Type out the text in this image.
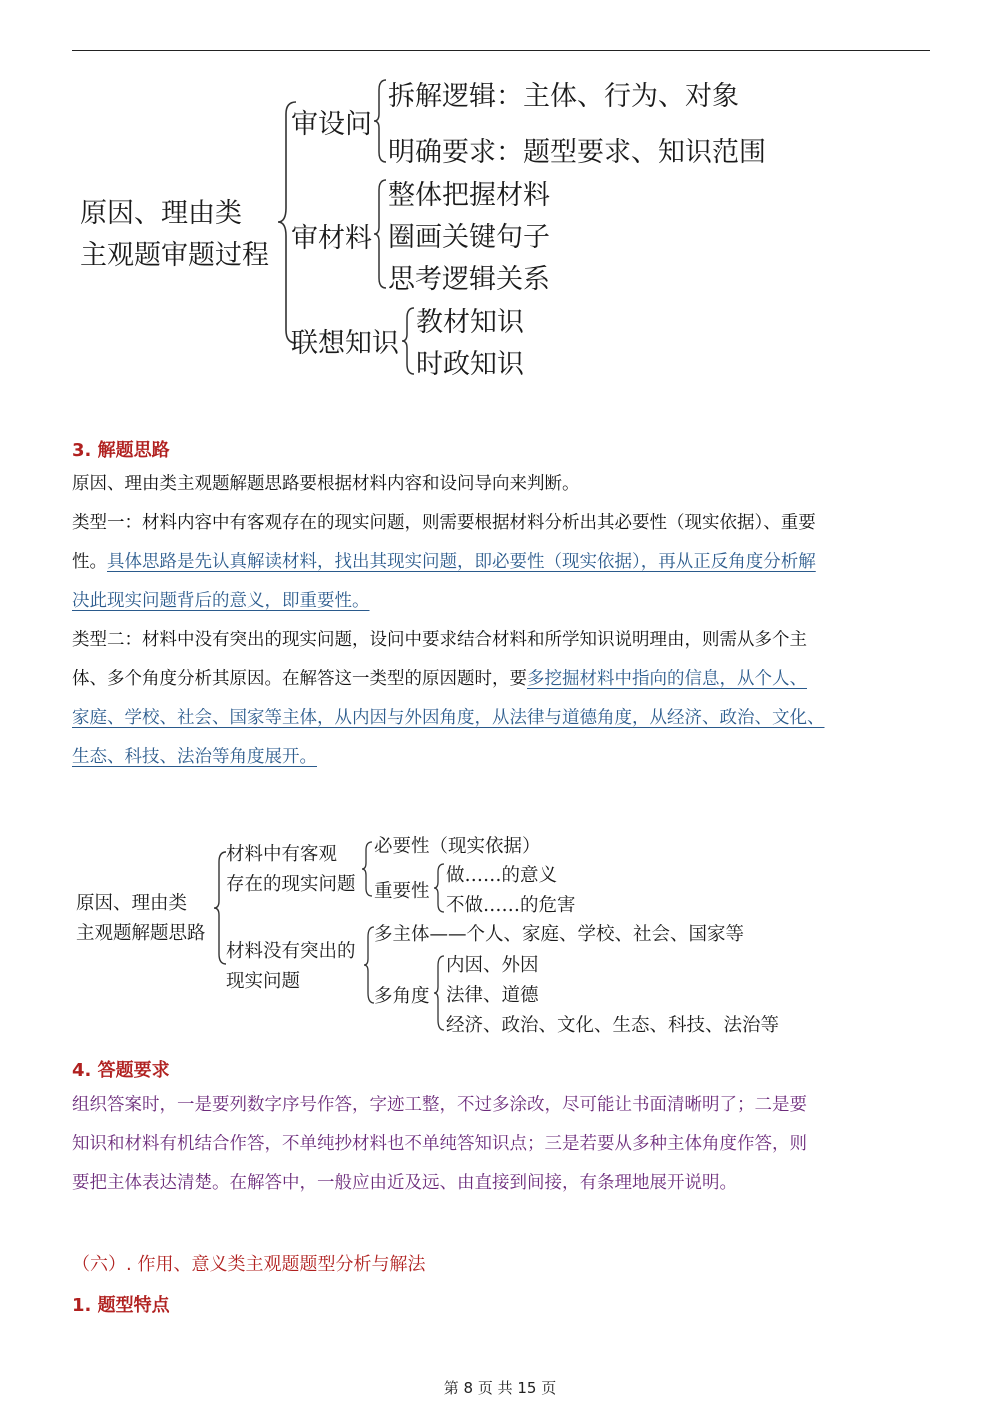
原因、理由类
主观题审题过程
审设问
拆解逻辑：主体、行为、对象
明确要求：题型要求、知识范围
审材料
整体把握材料
圈画关键句子
思考逻辑关系
联想知识
教材知识
时政知识
3. 解题思路
原因、理由类主观题解题思路要根据材料内容和设问导向来判断。
类型一：材料内容中有客观存在的现实问题，则需要根据材料分析出其必要性（现实依据）、重要
性。具体思路是先认真解读材料，找出其现实问题，即必要性（现实依据），再从正反角度分析解
决此现实问题背后的意义，即重要性。
类型二：材料中没有突出的现实问题，设问中要求结合材料和所学知识说明理由，则需从多个主
体、多个角度分析其原因。在解答这一类型的原因题时，要多挖掘材料中指向的信息，从个人、
家庭、学校、社会、国家等主体，从内因与外因角度，从法律与道德角度，从经济、政治、文化、
生态、科技、法治等角度展开。
原因、理由类
主观题解题思路
材料中有客观
存在的现实问题
必要性（现实依据）
重要性
做……的意义
不做……的危害
材料没有突出的
现实问题
多主体——个人、家庭、学校、社会、国家等
多角度
内因、外因
法律、道德
经济、政治、文化、生态、科技、法治等
4. 答题要求
组织答案时，一是要列数字序号作答，字迹工整，不过多涂改，尽可能让书面清晰明了；二是要
知识和材料有机结合作答，不单纯抄材料也不单纯答知识点；三是若要从多种主体角度作答，则
要把主体表达清楚。在解答中，一般应由近及远、由直接到间接，有条理地展开说明。
（六）. 作用、意义类主观题题型分析与解法
1. 题型特点
第 8 页 共 15 页
